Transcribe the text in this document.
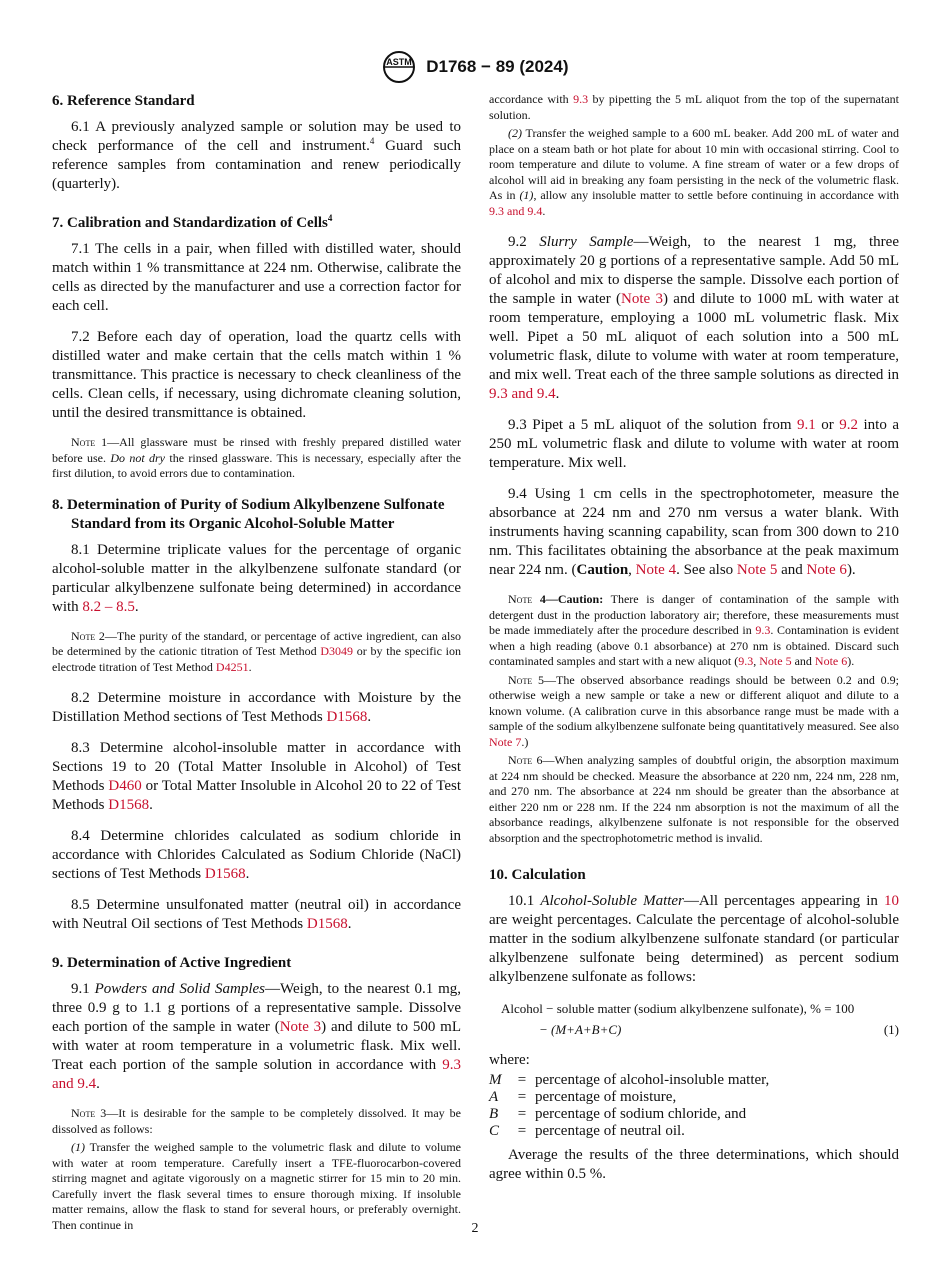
ASTM D1768 − 89 (2024)
6. Reference Standard

6.1 A previously analyzed sample or solution may be used to check performance of the cell and instrument.$^4$ Guard such reference samples from contamination and renew periodically (quarterly).

7. Calibration and Standardization of Cells$^4$

7.1 The cells in a pair, when filled with distilled water, should match within 1 % transmittance at 224 nm. Otherwise, calibrate the cells as directed by the manufacturer and use a correction factor for each cell.

7.2 Before each day of operation, load the quartz cells with distilled water and make certain that the cells match within 1 % transmittance. This practice is necessary to check cleanliness of the cells. Clean cells, if necessary, using dichromate cleaning solution, until the desired transmittance is obtained.

Note 1—All glassware must be rinsed with freshly prepared distilled water before use. Do not dry the rinsed glassware. This is necessary, especially after the first dilution, to avoid errors due to contamination.

8. Determination of Purity of Sodium Alkylbenzene Sulfonate Standard from its Organic Alcohol-Soluble Matter

8.1 Determine triplicate values for the percentage of organic alcohol-soluble matter in the alkylbenzene sulfonate standard (or particular alkylbenzene sulfonate being determined) in accordance with 8.2 – 8.5.

Note 2—The purity of the standard, or percentage of active ingredient, can also be determined by the cationic titration of Test Method D3049 or by the specific ion electrode titration of Test Method D4251.

8.2 Determine moisture in accordance with Moisture by the Distillation Method sections of Test Methods D1568.

8.3 Determine alcohol-insoluble matter in accordance with Sections 19 to 20 (Total Matter Insoluble in Alcohol) of Test Methods D460 or Total Matter Insoluble in Alcohol 20 to 22 of Test Methods D1568.

8.4 Determine chlorides calculated as sodium chloride in accordance with Chlorides Calculated as Sodium Chloride (NaCl) sections of Test Methods D1568.

8.5 Determine unsulfonated matter (neutral oil) in accordance with Neutral Oil sections of Test Methods D1568.

9. Determination of Active Ingredient

9.1 Powders and Solid Samples—Weigh, to the nearest 0.1 mg, three 0.9 g to 1.1 g portions of a representative sample. Dissolve each portion of the sample in water (Note 3) and dilute to 500 mL with water at room temperature in a volumetric flask. Mix well. Treat each portion of the sample solution in accordance with 9.3 and 9.4.

Note 3—It is desirable for the sample to be completely dissolved. It may be dissolved as follows:

(1) Transfer the weighed sample to the volumetric flask and dilute to volume with water at room temperature. Carefully insert a TFE-fluorocarbon-covered stirring magnet and agitate vigorously on a magnetic stirrer for 15 min to 20 min. Carefully invert the flask several times to ensure thorough mixing. If insoluble matter remains, allow the flask to stand for several hours, or preferably overnight. Then continue in

accordance with 9.3 by pipetting the 5 mL aliquot from the top of the supernatant solution.

(2) Transfer the weighed sample to a 600 mL beaker. Add 200 mL of water and place on a steam bath or hot plate for about 10 min with occasional stirring. Cool to room temperature and dilute to volume. A fine stream of water or a few drops of alcohol will aid in breaking any foam persisting in the neck of the volumetric flask. As in (1), allow any insoluble matter to settle before continuing in accordance with 9.3 and 9.4.

9.2 Slurry Sample—Weigh, to the nearest 1 mg, three approximately 20 g portions of a representative sample. Add 50 mL of alcohol and mix to disperse the sample. Dissolve each portion of the sample in water (Note 3) and dilute to 1000 mL with water at room temperature, employing a 1000 mL volumetric flask. Mix well. Pipet a 50 mL aliquot of each solution into a 500 mL volumetric flask, dilute to volume with water at room temperature, and mix well. Treat each of the three sample solutions as directed in 9.3 and 9.4.

9.3 Pipet a 5 mL aliquot of the solution from 9.1 or 9.2 into a 250 mL volumetric flask and dilute to volume with water at room temperature. Mix well.

9.4 Using 1 cm cells in the spectrophotometer, measure the absorbance at 224 nm and 270 nm versus a water blank. With instruments having scanning capability, scan from 300 down to 210 nm. This facilitates obtaining the absorbance at the peak maximum near 224 nm. (Caution, Note 4. See also Note 5 and Note 6).

Note 4—Caution: There is danger of contamination of the sample with detergent dust in the production laboratory air; therefore, these measurements must be made immediately after the procedure described in 9.3. Contamination is evident when a high reading (above 0.1 absorbance) at 270 nm is obtained. Discard such contaminated samples and start with a new aliquot (9.3, Note 5 and Note 6).

Note 5—The observed absorbance readings should be between 0.2 and 0.9; otherwise weigh a new sample or take a new or different aliquot and dilute to a known volume. (A calibration curve in this absorbance range must be made with a sample of the sodium alkylbenzene sulfonate being quantitatively measured. See also Note 7.)

Note 6—When analyzing samples of doubtful origin, the absorption maximum at 224 nm should be checked. Measure the absorbance at 220 nm, 224 nm, 228 nm, and 270 nm. The absorbance at 224 nm should be greater than the absorbance at either 220 nm or 228 nm. If the 224 nm absorption is not the maximum of all the absorbance readings, alkylbenzene sulfonate is not responsible for the observed absorption and the spectrophotometric method is invalid.

10. Calculation

10.1 Alcohol-Soluble Matter—All percentages appearing in 10 are weight percentages. Calculate the percentage of alcohol-soluble matter in the sodium alkylbenzene sulfonate standard (or particular alkylbenzene sulfonate being determined) as percent sodium alkylbenzene sulfonate as follows:

Alcohol − soluble matter (sodium alkylbenzene sulfonate), % = 100
− (M+A+B+C)	(1)

where:

M	= percentage of alcohol-insoluble matter,
A	= percentage of moisture,
B	= percentage of sodium chloride, and
C	= percentage of neutral oil.

Average the results of the three determinations, which should agree within 0.5 %.

2
